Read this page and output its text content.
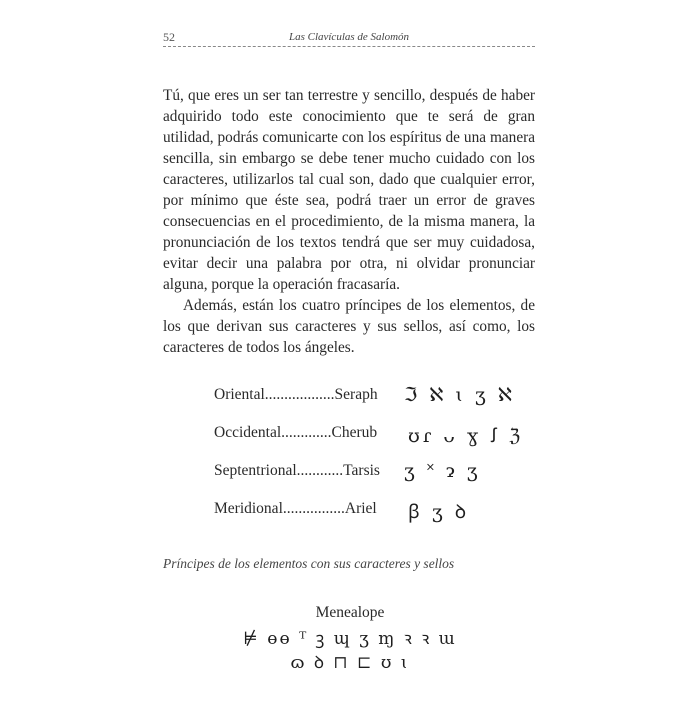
52	Las Clavículas de Salomón

Tú, que eres un ser tan terrestre y sencillo, después de haber adquirido todo este conocimiento que te será de gran utilidad, podrás comunicarte con los espíritus de una manera sencilla, sin embargo se debe tener mucho cuidado con los caracteres, utilizarlos tal cual son, dado que cualquier error, por mínimo que éste sea, podrá traer un error de graves consecuencias en el procedimiento, de la misma manera, la pronunciación de los textos tendrá que ser muy cuidadosa, evitar decir una palabra por otra, ni olvidar pronunciar alguna, porque la operación fracasaría.

Además, están los cuatro príncipes de los elementos, de los que derivan sus caracteres y sus sellos, así como, los caracteres de todos los ángeles.

Oriental..................Seraph ℑ ℵ ɩ ʒ ℵ
Occidental.............Cherub ʊɾ ᴗ ɣ ꭍ ℨ
Septentrional............Tarsis ʒ ˟ ɂ ʒ
Meridional................Ariel ꞵ ʒ ꝺ
Príncipes de los elementos con sus caracteres y sellos
Menealope
⊭ ɵɵ ᵀ ꝫ ɰ ʒ ɱ ꝛ ꝛ ɯ
ɷ ꝺ ⊓ ⊏ ʊ ɩ
